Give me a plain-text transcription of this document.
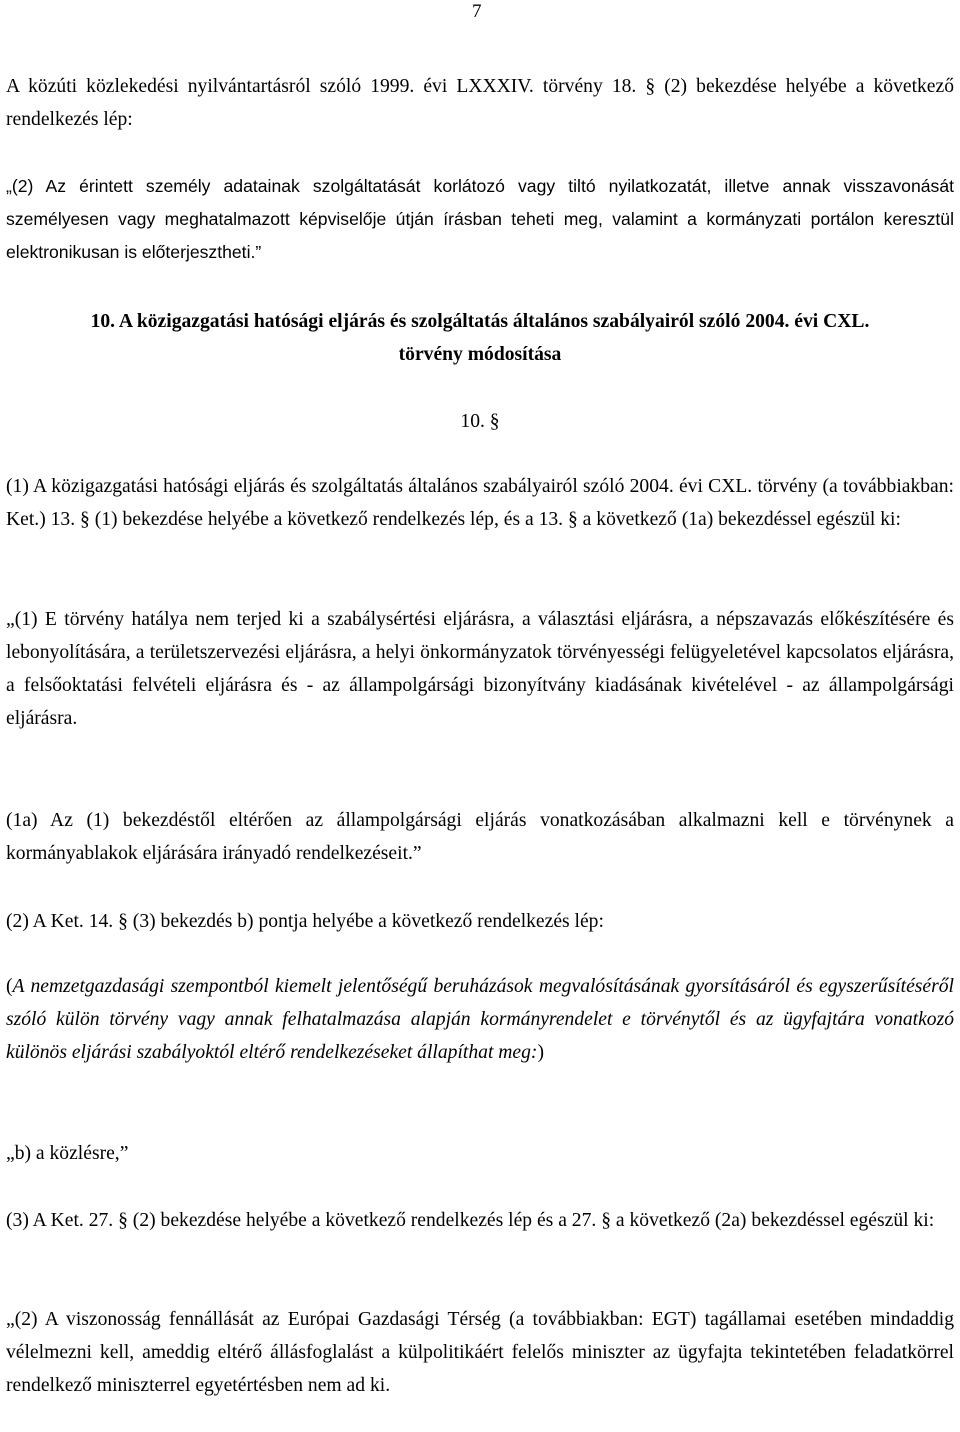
7

A közúti közlekedési nyilvántartásról szóló 1999. évi LXXXIV. törvény 18. § (2) bekezdése helyébe a következő rendelkezés lép:

„(2) Az érintett személy adatainak szolgáltatását korlátozó vagy tiltó nyilatkozatát, illetve annak visszavonását személyesen vagy meghatalmazott képviselője útján írásban teheti meg, valamint a kormányzati portálon keresztül elektronikusan is előterjesztheti.”

10. A közigazgatási hatósági eljárás és szolgáltatás általános szabályairól szóló 2004. évi CXL. törvény módosítása

10. §

(1) A közigazgatási hatósági eljárás és szolgáltatás általános szabályairól szóló 2004. évi CXL. törvény (a továbbiakban: Ket.) 13. § (1) bekezdése helyébe a következő rendelkezés lép, és a 13. § a következő (1a) bekezdéssel egészül ki:

„(1) E törvény hatálya nem terjed ki a szabálysértési eljárásra, a választási eljárásra, a népszavazás előkészítésére és lebonyolítására, a területszervezési eljárásra, a helyi önkormányzatok törvényességi felügyeletével kapcsolatos eljárásra, a felsőoktatási felvételi eljárásra és - az állampolgársági bizonyítvány kiadásának kivételével - az állampolgársági eljárásra.

(1a) Az (1) bekezdéstől eltérően az állampolgársági eljárás vonatkozásában alkalmazni kell e törvénynek a kormányablakok eljárására irányadó rendelkezéseit.”

(2) A Ket. 14. § (3) bekezdés b) pontja helyébe a következő rendelkezés lép:

(A nemzetgazdasági szempontból kiemelt jelentőségű beruházások megvalósításának gyorsításáról és egyszerűsítéséről szóló külön törvény vagy annak felhatalmazása alapján kormányrendelet e törvénytől és az ügyfajtára vonatkozó különös eljárási szabályoktól eltérő rendelkezéseket állapíthat meg:)

„b) a közlésre,”

(3) A Ket. 27. § (2) bekezdése helyébe a következő rendelkezés lép és a 27. § a következő (2a) bekezdéssel egészül ki:

„(2) A viszonosság fennállását az Európai Gazdasági Térség (a továbbiakban: EGT) tagállamai esetében mindaddig vélelmezni kell, ameddig eltérő állásfoglalást a külpolitikáért felelős miniszter az ügyfajta tekintetében feladatkörrel rendelkező miniszterrel egyetértésben nem ad ki.
